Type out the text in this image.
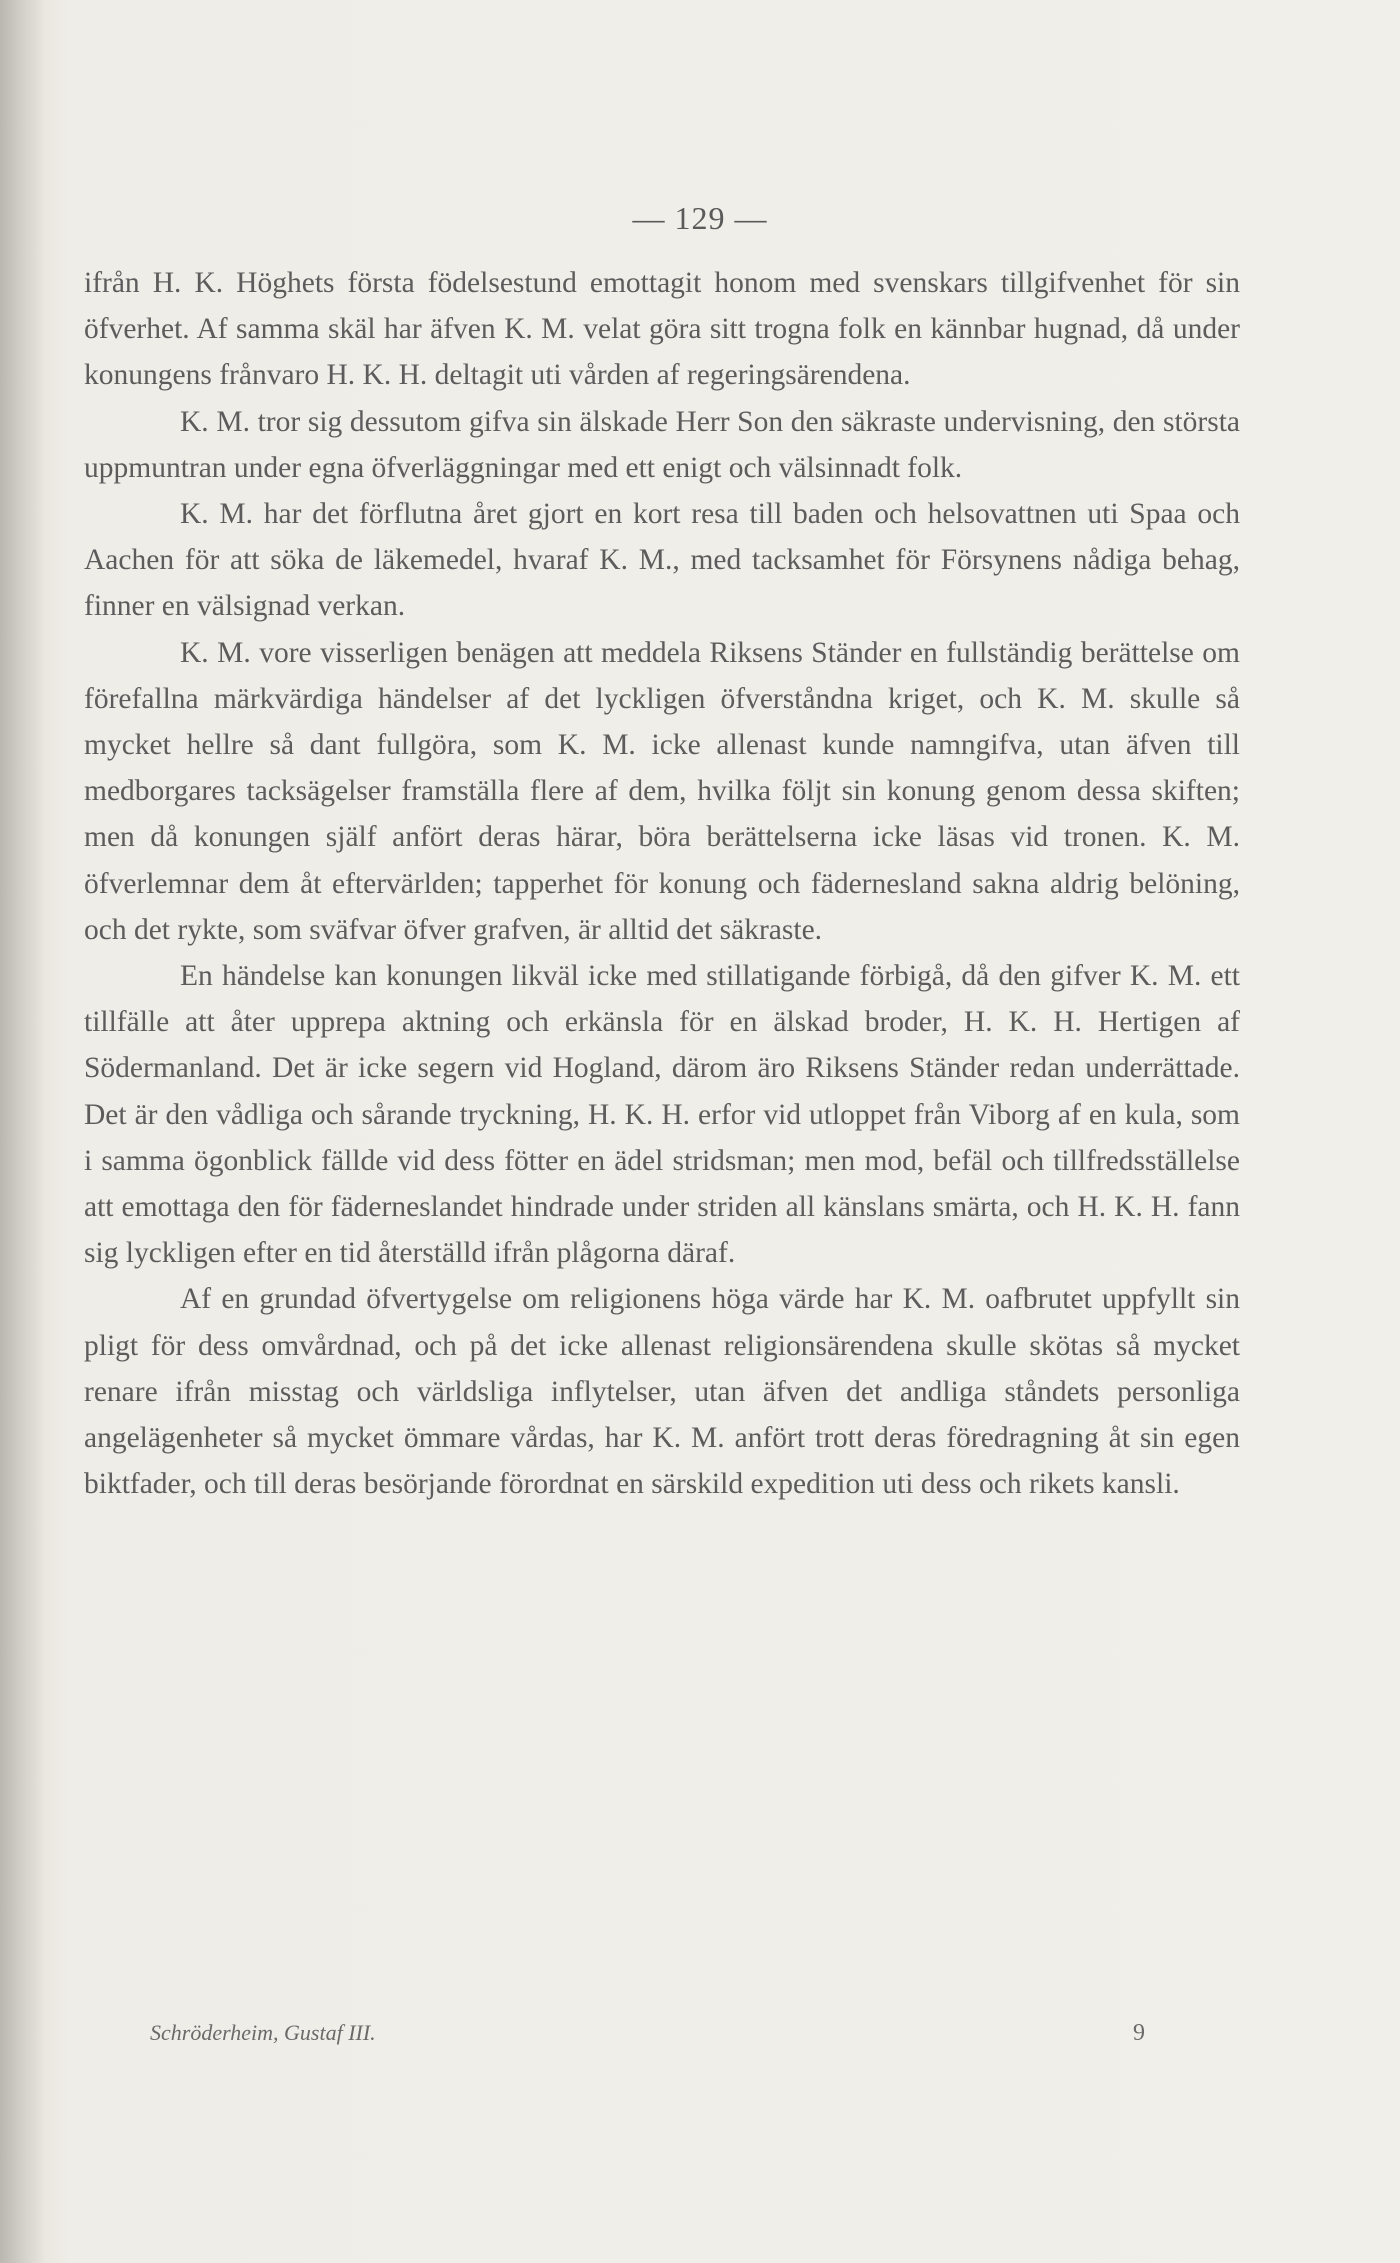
— 129 —

ifrån H. K. Höghets första födelsestund emottagit honom med svenskars tillgifvenhet för sin öfverhet. Af samma skäl har äfven K. M. velat göra sitt trogna folk en kännbar hugnad, då under konungens frånvaro H. K. H. deltagit uti vården af regeringsärendena.

K. M. tror sig dessutom gifva sin älskade Herr Son den säkraste undervisning, den största uppmuntran under egna öfverläggningar med ett enigt och välsinnadt folk.

K. M. har det förflutna året gjort en kort resa till baden och helsovattnen uti Spaa och Aachen för att söka de läkemedel, hvaraf K. M., med tacksamhet för Försynens nådiga behag, finner en välsignad verkan.

K. M. vore visserligen benägen att meddela Riksens Ständer en fullständig berättelse om förefallna märkvärdiga händelser af det lyckligen öfverståndna kriget, och K. M. skulle så mycket hellre så dant fullgöra, som K. M. icke allenast kunde namngifva, utan äfven till medborgares tacksägelser framställa flere af dem, hvilka följt sin konung genom dessa skiften; men då konungen själf anfört deras härar, böra berättelserna icke läsas vid tronen. K. M. öfverlemnar dem åt eftervärlden; tapperhet för konung och fädernesland sakna aldrig belöning, och det rykte, som sväfvar öfver grafven, är alltid det säkraste.

En händelse kan konungen likväl icke med stillatigande förbigå, då den gifver K. M. ett tillfälle att åter upprepa aktning och erkänsla för en älskad broder, H. K. H. Hertigen af Södermanland. Det är icke segern vid Hogland, därom äro Riksens Ständer redan underrättade. Det är den vådliga och sårande tryckning, H. K. H. erfor vid utloppet från Viborg af en kula, som i samma ögonblick fällde vid dess fötter en ädel stridsman; men mod, befäl och tillfredsställelse att emottaga den för fäderneslandet hindrade under striden all känslans smärta, och H. K. H. fann sig lyckligen efter en tid återställd ifrån plågorna däraf.

Af en grundad öfvertygelse om religionens höga värde har K. M. oafbrutet uppfyllt sin pligt för dess omvårdnad, och på det icke allenast religionsärendena skulle skötas så mycket renare ifrån misstag och världsliga inflytelser, utan äfven det andliga ståndets personliga angelägenheter så mycket ömmare vårdas, har K. M. anfört trott deras föredragning åt sin egen biktfader, och till deras besörjande förordnat en särskild expedition uti dess och rikets kansli.

Schröderheim, Gustaf III.	9
